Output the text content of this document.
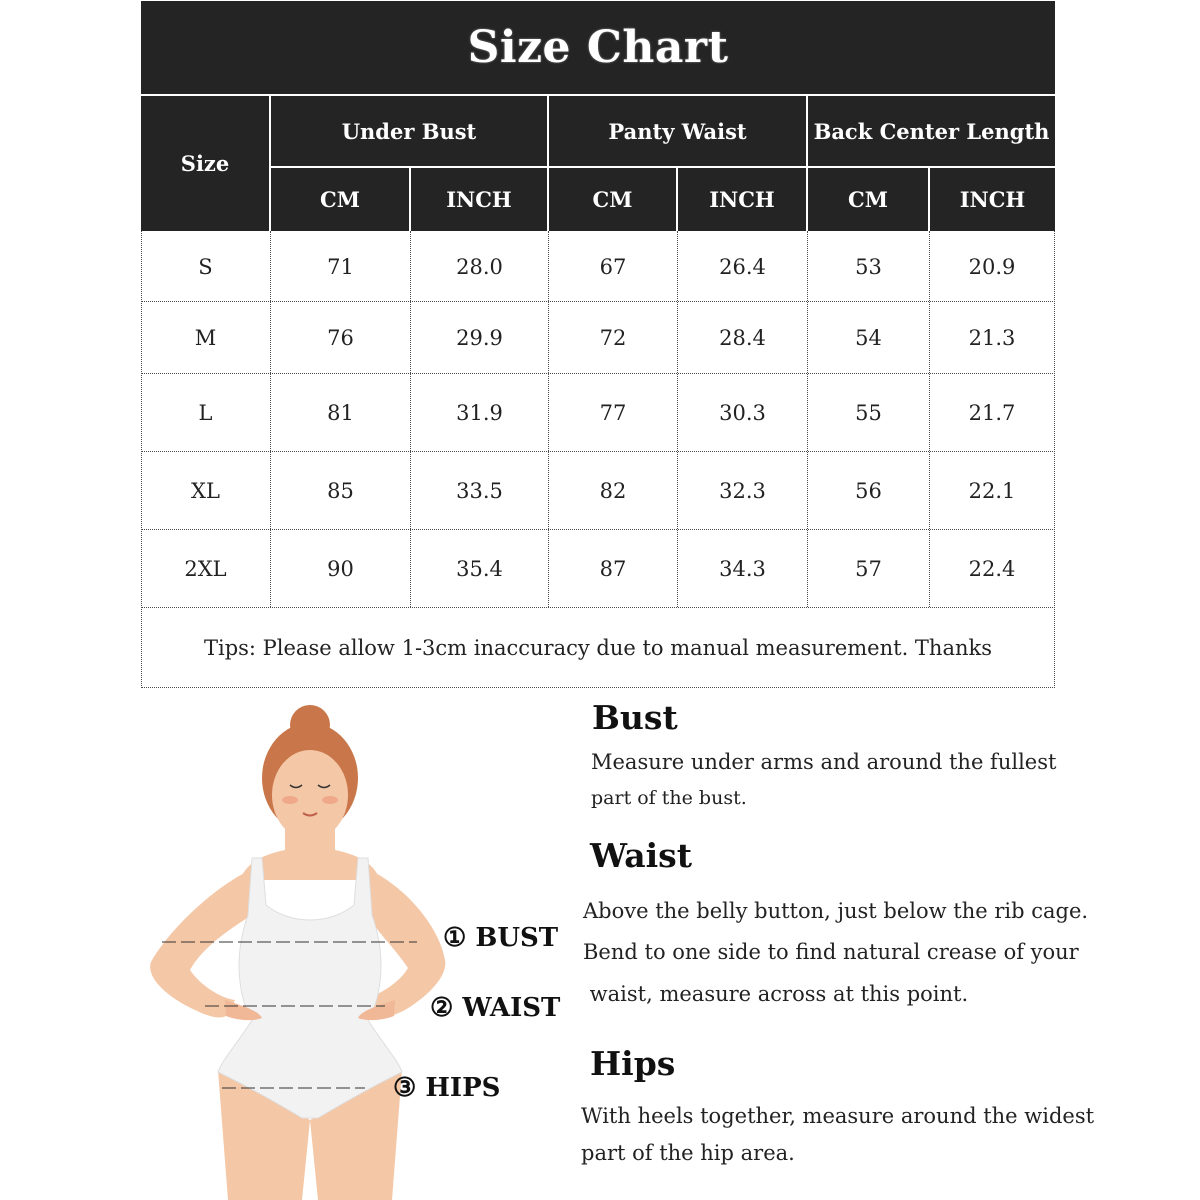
Size Chart
Size
Under Bust	Panty Waist	Back Center Length
CM	INCH	CM	INCH	CM	INCH
S	71	28.0	67	26.4	53	20.9
M	76	29.9	72	28.4	54	21.3
L	81	31.9	77	30.3	55	21.7
XL	85	33.5	82	32.3	56	22.1
2XL	90	35.4	87	34.3	57	22.4
Tips: Please allow 1-3cm inaccuracy due to manual measurement. Thanks
① BUST
② WAIST
③ HIPS
Bust
Measure under arms and around the fullest
part of the bust.
Waist
Above the belly button, just below the rib cage.
Bend to one side to find natural crease of your
waist, measure across at this point.
Hips
With heels together, measure around the widest
part of the hip area.
